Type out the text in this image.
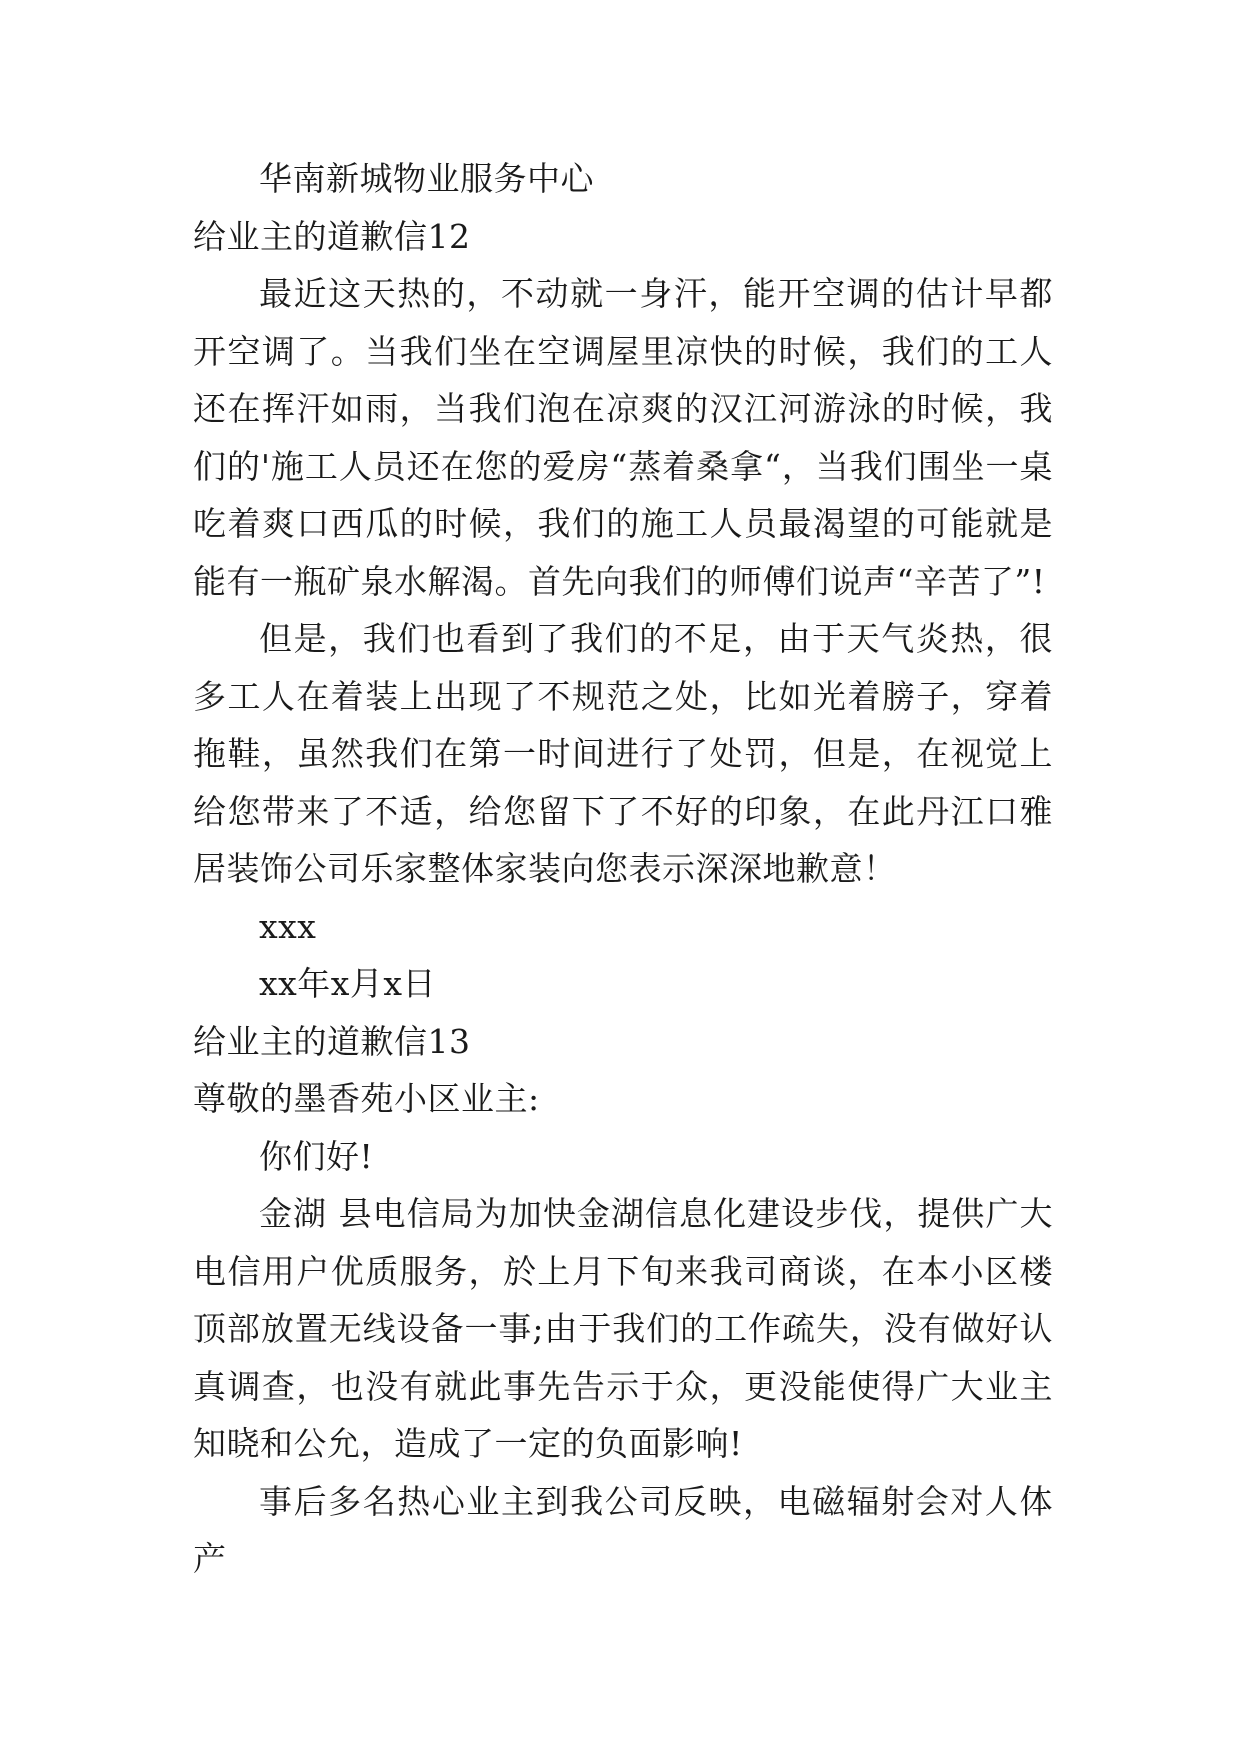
华南新城物业服务中心
给业主的道歉信12

最近这天热的，不动就一身汗，能开空调的估计早都开空调了。当我们坐在空调屋里凉快的时候，我们的工人还在挥汗如雨，当我们泡在凉爽的汉江河游泳的时候，我们的'施工人员还在您的爱房“蒸着桑拿“，当我们围坐一桌吃着爽口西瓜的时候，我们的施工人员最渴望的可能就是能有一瓶矿泉水解渴。首先向我们的师傅们说声“辛苦了”!

但是，我们也看到了我们的不足，由于天气炎热，很多工人在着装上出现了不规范之处，比如光着膀子，穿着拖鞋，虽然我们在第一时间进行了处罚，但是，在视觉上给您带来了不适，给您留下了不好的印象，在此丹江口雅居装饰公司乐家整体家装向您表示深深地歉意！

xxx
xx年x月x日
给业主的道歉信13
尊敬的墨香苑小区业主:
你们好!

金湖 县电信局为加快金湖信息化建设步伐，提供广大电信用户优质服务，於上月下旬来我司商谈，在本小区楼顶部放置无线设备一事;由于我们的工作疏失，没有做好认真调查，也没有就此事先告示于众，更没能使得广大业主知晓和公允，造成了一定的负面影响!

事后多名热心业主到我公司反映，电磁辐射会对人体产
